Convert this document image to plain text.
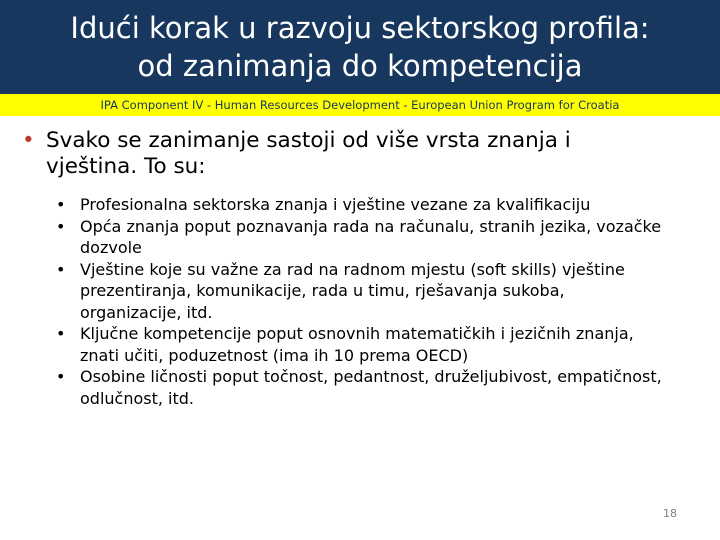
Idući korak u razvoju sektorskog profila:
od zanimanja do kompetencija
IPA Component IV - Human Resources Development - European Union Program for Croatia
• Svako se zanimanje sastoji od više vrsta znanja i vještina. To su:
• Profesionalna sektorska znanja i vještine vezane za kvalifikaciju
• Opća znanja poput poznavanja rada na računalu, stranih jezika, vozačke dozvole
• Vještine koje su važne za rad na radnom mjestu (soft skills) vještine prezentiranja, komunikacije, rada u timu, rješavanja sukoba, organizacije, itd.
• Ključne kompetencije poput osnovnih matematičkih i jezičnih znanja, znati učiti, poduzetnost (ima ih 10 prema OECD)
• Osobine ličnosti poput točnost, pedantnost, druželjubivost, empatičnost, odlučnost, itd.
18
